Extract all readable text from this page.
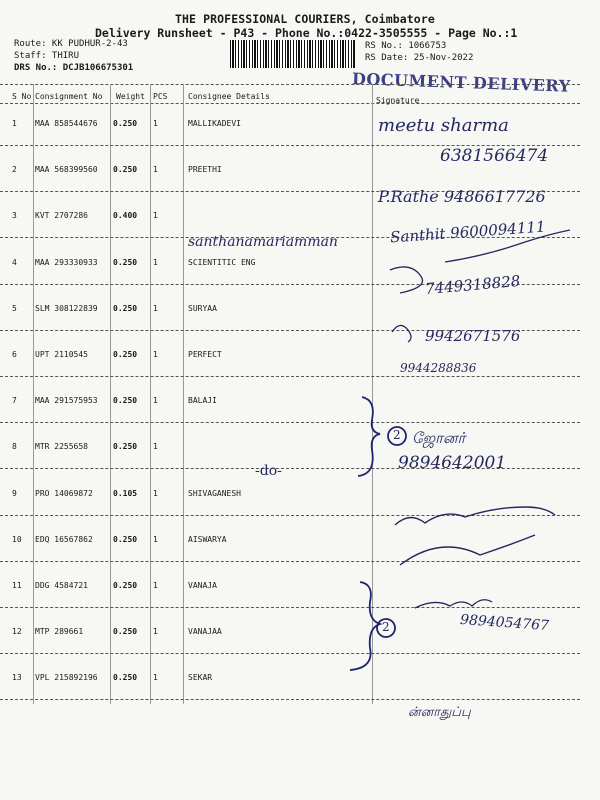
THE PROFESSIONAL COURIERS, Coimbatore
Delivery Runsheet - P43 - Phone No.:0422-3505555 - Page No.:1
Route: KK PUDHUR-2-43
Staff: THIRU
DRS No.: DCJB106675301
RS No.: 1066753
RS Date: 25-Nov-2022
DOCUMENT DELIVERY
S No Consignment No Weight PCS	Consignee Details	Signature
1 MAA 858544676 0.250 1	MALLIKADEVI
2 MAA 568399560 0.250 1	PREETHI
3 KVT 2707286	0.400 1
4 MAA 293330933 0.250 1	SCIENTITIC ENG
5 SLM 308122839 0.250 1	SURYAA
6 UPT 2110545	0.250 1	PERFECT
7 MAA 291575953 0.250 1	BALAJI
8 MTR 2255658	0.250 1
9 PRO 14069872	0.105 1	SHIVAGANESH
10 EDQ 16567862	0.250 1	AISWARYA
11 DDG 4584721	0.250 1	VANAJA
12 MTP 289661	0.250 1	VANAJAA
13 VPL 215892196 0.250 1	SEKAR
meetu sharma
6381566474
P.Rathe 9486617726
santhanamariamman	Santhit 9600094111
7449318828
9942671576
9944288836
2 ஜோனர்
9894642001
-do-
2	9894054767
ன்னாதுப்பு
